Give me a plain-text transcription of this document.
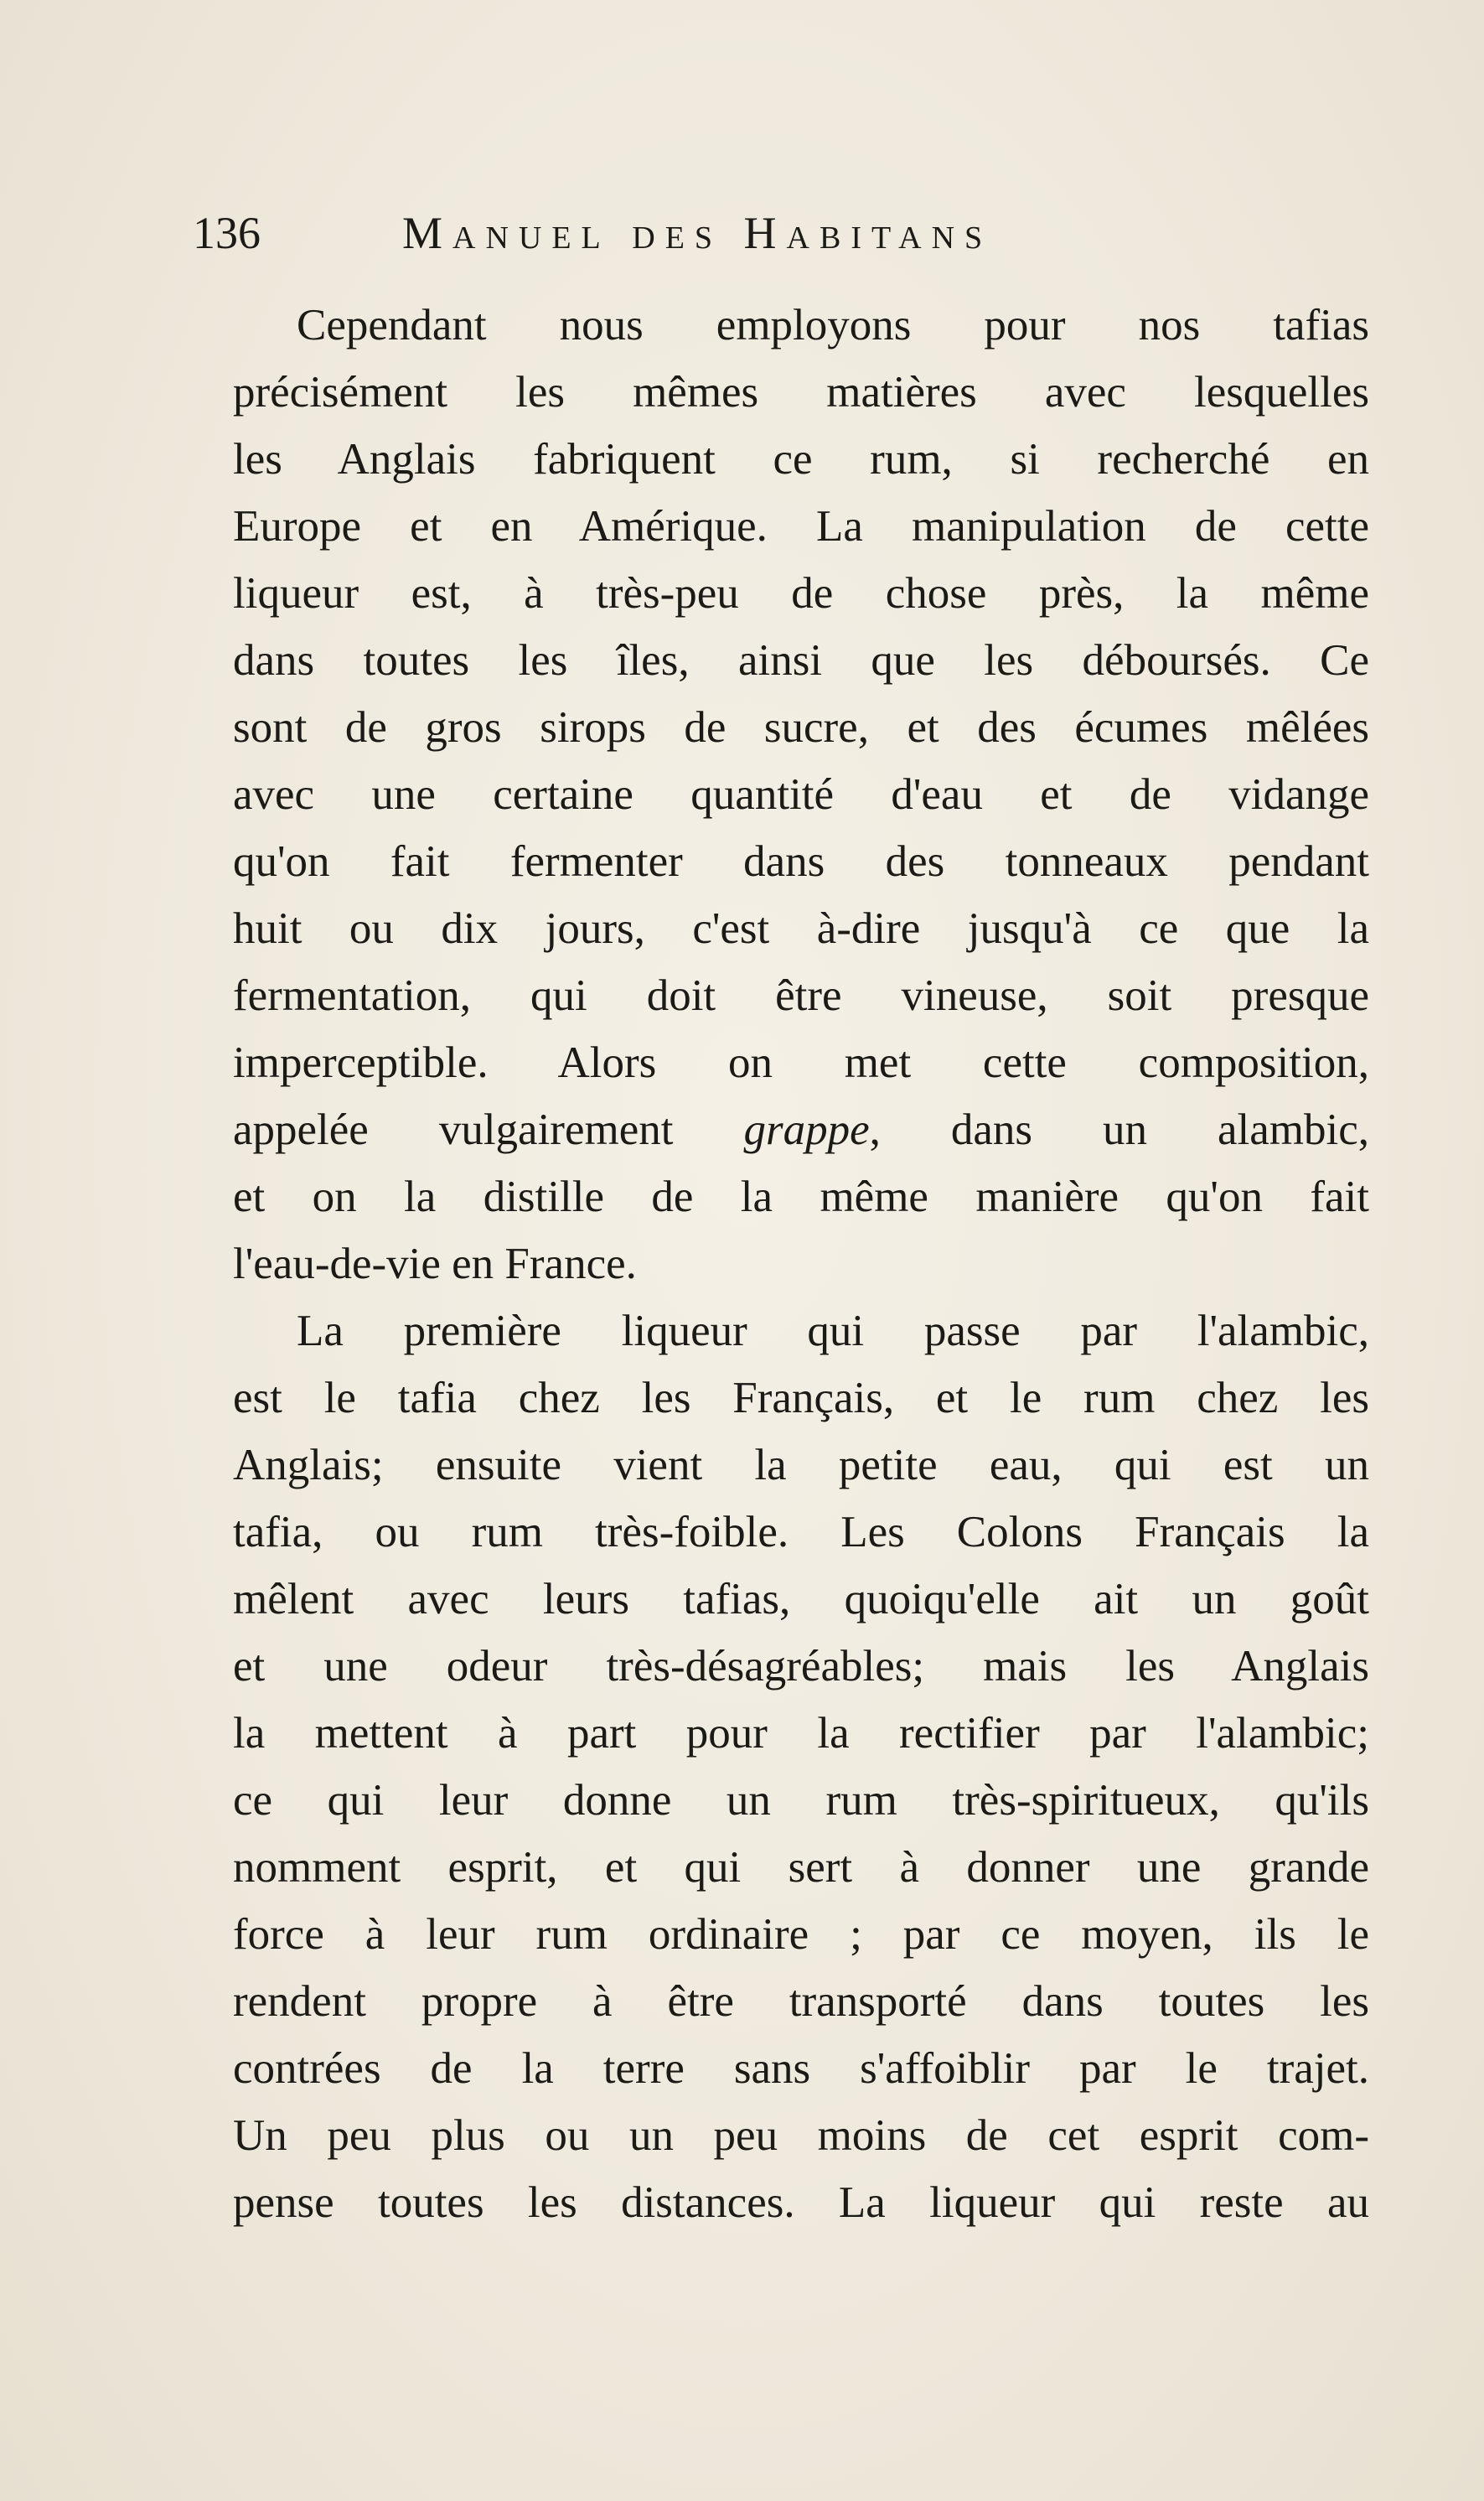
136	Manuel des Habitans
Cependant nous employons pour nos tafias
précisément les mêmes matières avec lesquelles
les Anglais fabriquent ce rum, si recherché en
Europe et en Amérique. La manipulation de cette
liqueur est, à très-peu de chose près, la même
dans toutes les îles, ainsi que les déboursés. Ce
sont de gros sirops de sucre, et des écumes mêlées
avec une certaine quantité d'eau et de vidange
qu'on fait fermenter dans des tonneaux pendant
huit ou dix jours, c'est à-dire jusqu'à ce que la
fermentation, qui doit être vineuse, soit presque
imperceptible. Alors on met cette composition,
appelée vulgairement grappe, dans un alambic,
et on la distille de la même manière qu'on fait
l'eau-de-vie en France.
La première liqueur qui passe par l'alambic,
est le tafia chez les Français, et le rum chez les
Anglais; ensuite vient la petite eau, qui est un
tafia, ou rum très-foible. Les Colons Français la
mêlent avec leurs tafias, quoiqu'elle ait un goût
et une odeur très-désagréables; mais les Anglais
la mettent à part pour la rectifier par l'alambic;
ce qui leur donne un rum très-spiritueux, qu'ils
nomment esprit, et qui sert à donner une grande
force à leur rum ordinaire ; par ce moyen, ils le
rendent propre à être transporté dans toutes les
contrées de la terre sans s'affoiblir par le trajet.
Un peu plus ou un peu moins de cet esprit com-
pense toutes les distances. La liqueur qui reste au
